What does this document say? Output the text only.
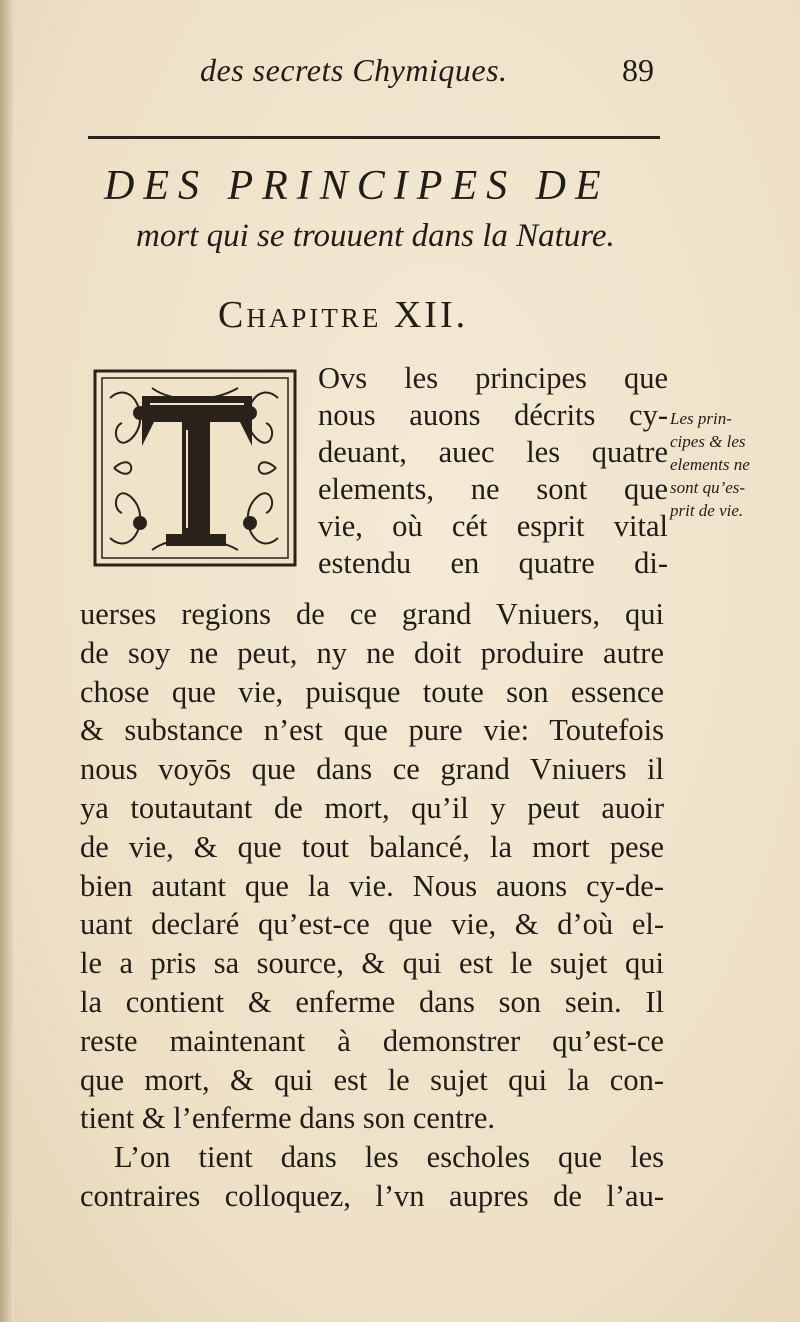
des secrets Chymiques.	89
DES PRINCIPES DE
mort qui se trouuent dans la Nature.
Chapitre XII.
Ovs les principes que
nous auons décrits cy-
deuant, auec les quatre
elements, ne sont que
vie, où cét esprit vital
estendu en quatre di-
uerses regions de ce grand Vniuers, qui
de soy ne peut, ny ne doit produire autre
chose que vie, puisque toute son essence
& substance n’est que pure vie: Toutefois
nous voyōs que dans ce grand Vniuers il
ya toutautant de mort, qu’il y peut auoir
de vie, & que tout balancé, la mort pese
bien autant que la vie. Nous auons cy-de-
uant declaré qu’est-ce que vie, & d’où el-
le a pris sa source, & qui est le sujet qui
la contient & enferme dans son sein. Il
reste maintenant à demonstrer qu’est-ce
que mort, & qui est le sujet qui la con-
tient & l’enferme dans son centre.
L’on tient dans les escholes que les
contraires colloquez, l’vn aupres de l’au-
Les prin-
cipes & les
elements ne
sont qu’es-
prit de vie.
